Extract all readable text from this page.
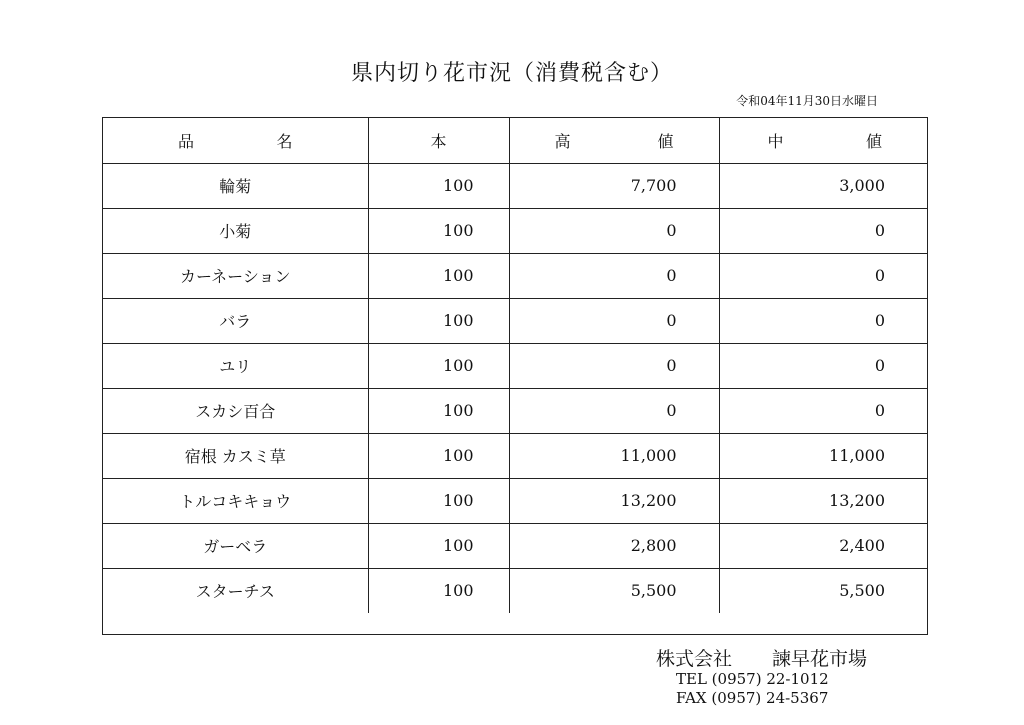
県内切り花市況（消費税含む）
令和04年11月30日水曜日
品 名	本	高 値	中 値

輪菊	100	7,700	3,000
小菊	100	0	0
カーネーション	100	0	0
バラ	100	0	0
ユリ	100	0	0
スカシ百合	100	0	0
宿根 カスミ草	100	11,000	11,000
トルコキキョウ	100	13,200	13,200
ガーベラ	100	2,800	2,400
スターチス	100	5,500	5,500
株式会社 諫早花市場
TEL (0957) 22-1012
FAX (0957) 24-5367
